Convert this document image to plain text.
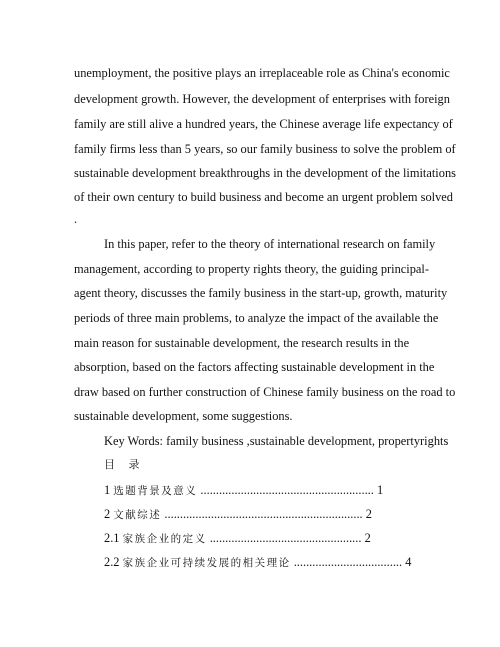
unemployment, the positive plays an irreplaceable role as China's economic
development growth. However, the development of enterprises with foreign
family are still alive a hundred years, the Chinese average life expectancy of
family firms less than 5 years, so our family business to solve the problem of
sustainable development breakthroughs in the development of the limitations
of their own century to build business and become an urgent problem solved
.
In this paper, refer to the theory of international research on family
management, according to property rights theory, the guiding principal-
agent theory, discusses the family business in the start-up, growth, maturity
periods of three main problems, to analyze the impact of the available the
main reason for sustainable development, the research results in the
absorption, based on the factors affecting sustainable development in the
draw based on further construction of Chinese family business on the road to
sustainable development, some suggestions.
Key Words: family business ,sustainable development, propertyrights
目 录
1 选题背景及意义 ........................................................ 1
2 文献综述 ................................................................ 2
2.1 家族企业的定义 ................................................. 2
2.2 家族企业可持续发展的相关理论 ................................... 4
